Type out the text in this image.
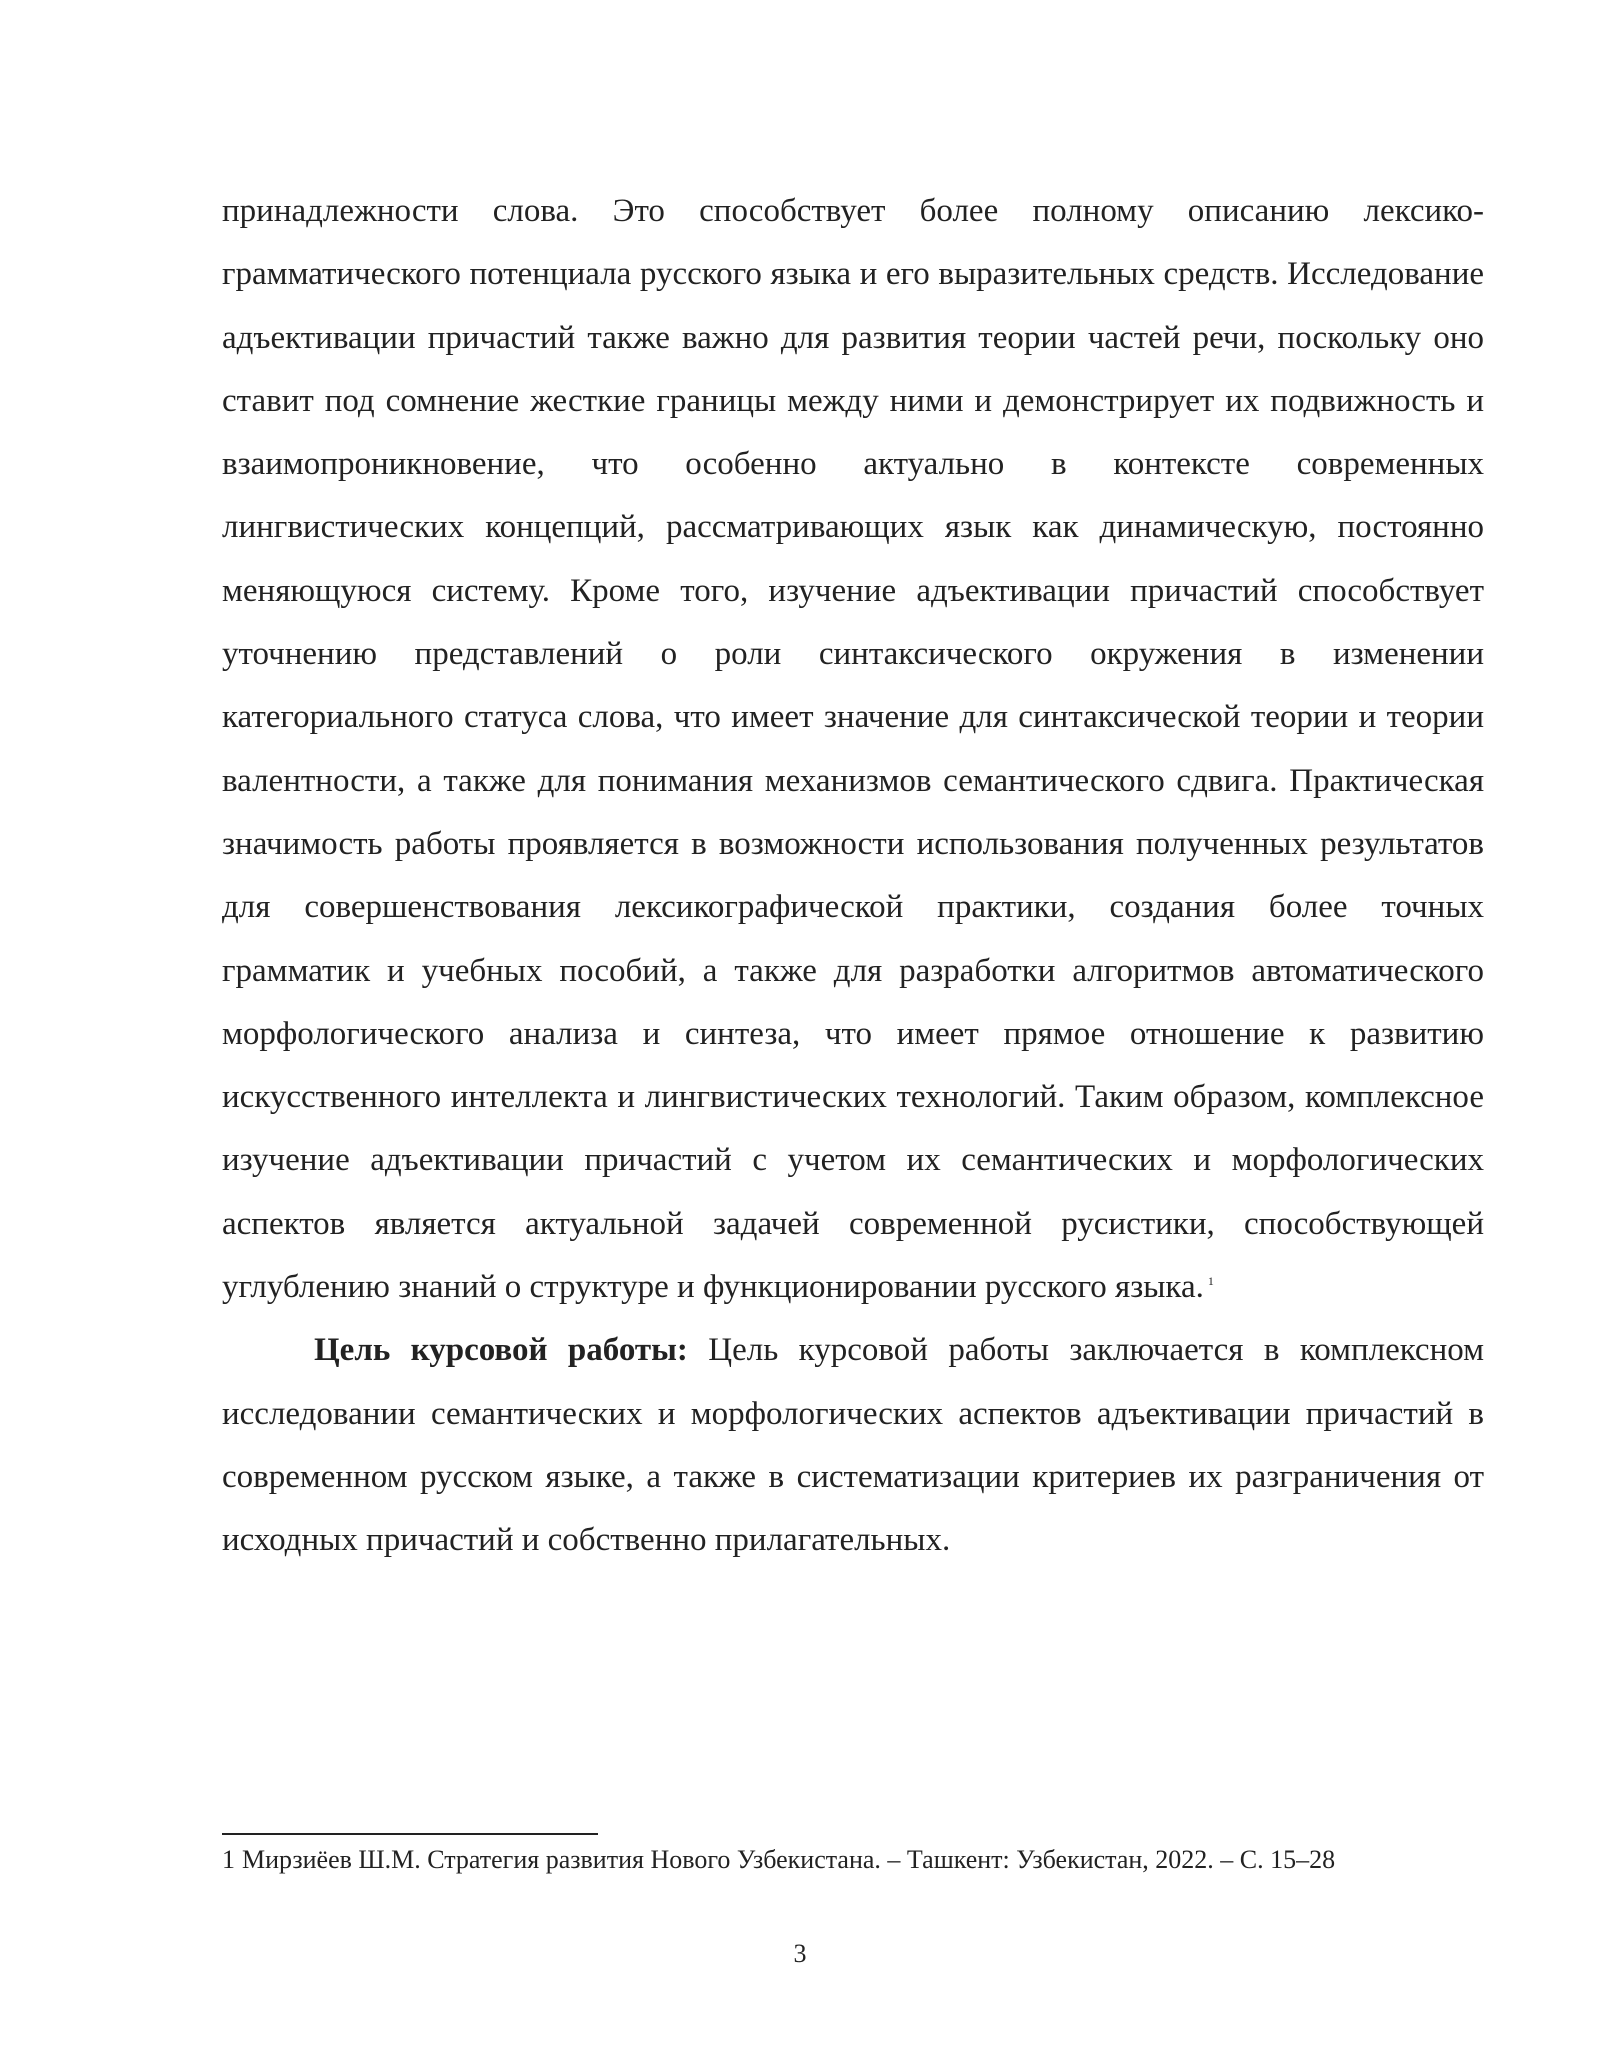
принадлежности слова. Это способствует более полному описанию лексико-грамматического потенциала русского языка и его выразительных средств. Исследование адъективации причастий также важно для развития теории частей речи, поскольку оно ставит под сомнение жесткие границы между ними и демонстрирует их подвижность и взаимопроникновение, что особенно актуально в контексте современных лингвистических концепций, рассматривающих язык как динамическую, постоянно меняющуюся систему. Кроме того, изучение адъективации причастий способствует уточнению представлений о роли синтаксического окружения в изменении категориального статуса слова, что имеет значение для синтаксической теории и теории валентности, а также для понимания механизмов семантического сдвига. Практическая значимость работы проявляется в возможности использования полученных результатов для совершенствования лексикографической практики, создания более точных грамматик и учебных пособий, а также для разработки алгоритмов автоматического морфологического анализа и синтеза, что имеет прямое отношение к развитию искусственного интеллекта и лингвистических технологий. Таким образом, комплексное изучение адъективации причастий с учетом их семантических и морфологических аспектов является актуальной задачей современной русистики, способствующей углублению знаний о структуре и функционировании русского языка. $^1$

Цель курсовой работы: Цель курсовой работы заключается в комплексном исследовании семантических и морфологических аспектов адъективации причастий в современном русском языке, а также в систематизации критериев их разграничения от исходных причастий и собственно прилагательных.

1 Мирзиёев Ш.М. Стратегия развития Нового Узбекистана. – Ташкент: Узбекистан, 2022. – С. 15–28
3
